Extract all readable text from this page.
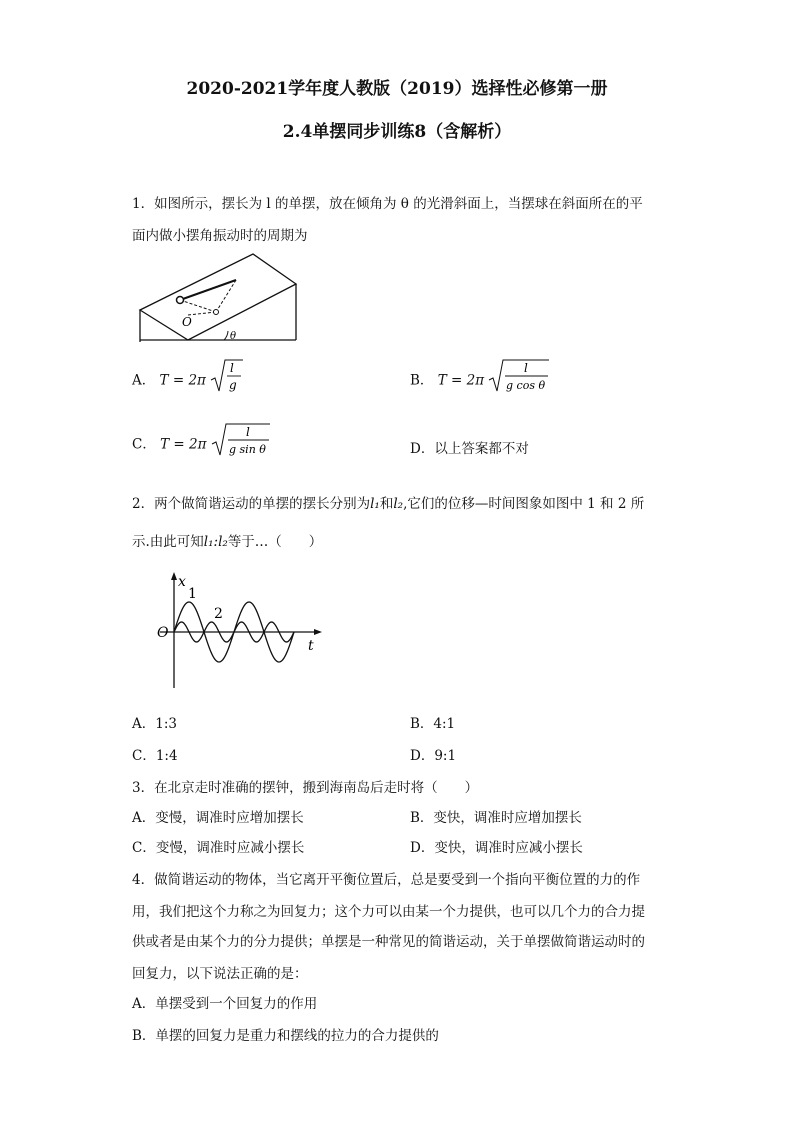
2020-2021学年度人教版（2019）选择性必修第一册
2.4单摆同步训练8（含解析）
1．如图所示，摆长为 l 的单摆，放在倾角为 θ 的光滑斜面上，当摆球在斜面所在的平
面内做小摆角振动时的周期为
O
θ
A． T = 2π
l
g	B． T = 2π
l
g cos θ
C． T = 2π
l
g sin θ	D．以上答案都不对
2．两个做简谐运动的单摆的摆长分别为l₁和l₂,它们的位移—时间图象如图中 1 和 2 所
示.由此可知l₁:l₂等于…（　　）
x
t
O
1
2
A．1:3	B．4:1
C．1:4	D．9:1
3．在北京走时准确的摆钟，搬到海南岛后走时将（　　）
A．变慢，调准时应增加摆长	B．变快，调准时应增加摆长
C．变慢，调准时应减小摆长	D．变快，调准时应减小摆长
4．做简谐运动的物体，当它离开平衡位置后，总是要受到一个指向平衡位置的力的作
用，我们把这个力称之为回复力；这个力可以由某一个力提供，也可以几个力的合力提
供或者是由某个力的分力提供；单摆是一种常见的简谐运动，关于单摆做简谐运动时的
回复力，以下说法正确的是：
A．单摆受到一个回复力的作用
B．单摆的回复力是重力和摆线的拉力的合力提供的
